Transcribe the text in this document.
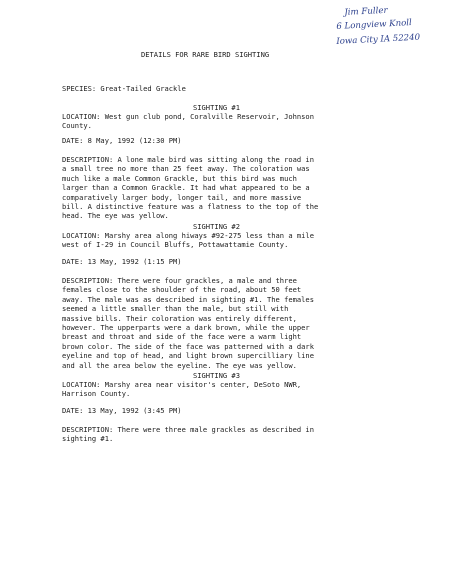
Jim Fuller
6 Longview Knoll
Iowa City IA 52240
DETAILS FOR RARE BIRD SIGHTING
SPECIES: Great-Tailed Grackle
SIGHTING #1
LOCATION: West gun club pond, Coralville Reservoir, Johnson
County.
DATE: 8 May, 1992 (12:30 PM)
DESCRIPTION: A lone male bird was sitting along the road in
a small tree no more than 25 feet away. The coloration was
much like a male Common Grackle, but this bird was much
larger than a Common Grackle. It had what appeared to be a
comparatively larger body, longer tail, and more massive
bill. A distinctive feature was a flatness to the top of the
head. The eye was yellow.
SIGHTING #2
LOCATION: Marshy area along hiways #92-275 less than a mile
west of I-29 in Council Bluffs, Pottawattamie County.
DATE: 13 May, 1992 (1:15 PM)
DESCRIPTION: There were four grackles, a male and three
females close to the shoulder of the road, about 50 feet
away. The male was as described in sighting #1. The females
seemed a little smaller than the male, but still with
massive bills. Their coloration was entirely different,
however. The upperparts were a dark brown, while the upper
breast and throat and side of the face were a warm light
brown color. The side of the face was patterned with a dark
eyeline and top of head, and light brown supercilliary line
and all the area below the eyeline. The eye was yellow.
SIGHTING #3
LOCATION: Marshy area near visitor's center, DeSoto NWR,
Harrison County.
DATE: 13 May, 1992 (3:45 PM)
DESCRIPTION: There were three male grackles as described in
sighting #1.
